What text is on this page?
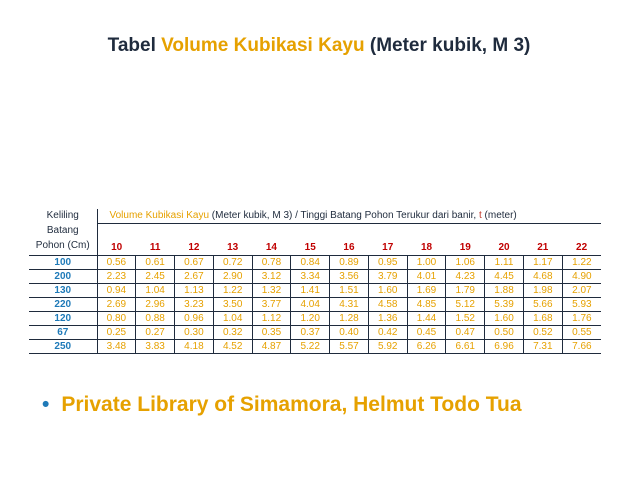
Tabel Volume Kubikasi Kayu (Meter kubik, M 3)
Keliling	Volume Kubikasi Kayu (Meter kubik, M 3) / Tinggi Batang Pohon Terukur dari banir, t (meter)												
Batang													
Pohon (Cm)	10	11	12	13	14	15	16	17	18	19	20	21	22
100	0.56	0.61	0.67	0.72	0.78	0.84	0.89	0.95	1.00	1.06	1.11	1.17	1.22
200	2.23	2.45	2.67	2.90	3.12	3.34	3.56	3.79	4.01	4.23	4.45	4.68	4.90
130	0.94	1.04	1.13	1.22	1.32	1.41	1.51	1.60	1.69	1.79	1.88	1.98	2.07
220	2.69	2.96	3.23	3.50	3.77	4.04	4.31	4.58	4.85	5.12	5.39	5.66	5.93
120	0.80	0.88	0.96	1.04	1.12	1.20	1.28	1.36	1.44	1.52	1.60	1.68	1.76
67	0.25	0.27	0.30	0.32	0.35	0.37	0.40	0.42	0.45	0.47	0.50	0.52	0.55
250	3.48	3.83	4.18	4.52	4.87	5.22	5.57	5.92	6.26	6.61	6.96	7.31	7.66
• Private Library of Simamora, Helmut Todo Tua
